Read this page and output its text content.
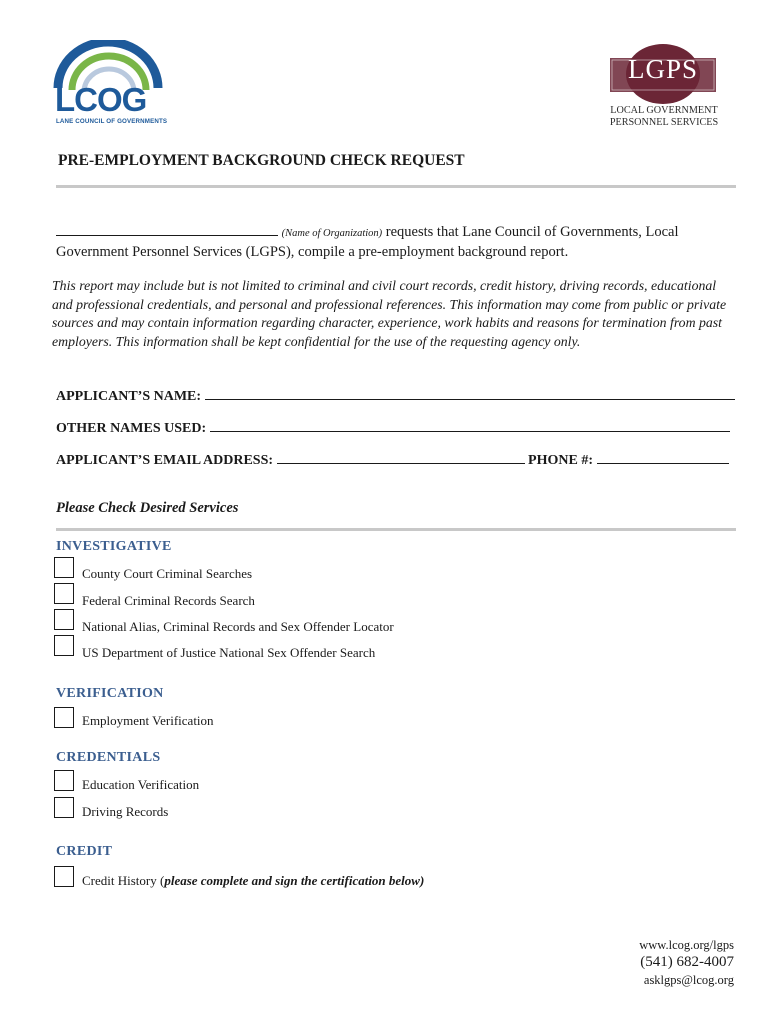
LCOG
LANE COUNCIL OF GOVERNMENTS
LGPS
LOCAL GOVERNMENT
PERSONNEL SERVICES
PRE-EMPLOYMENT BACKGROUND CHECK REQUEST
(Name of Organization) requests that Lane Council of Governments, Local Government Personnel Services (LGPS), compile a pre-employment background report.
This report may include but is not limited to criminal and civil court records, credit history, driving records, educational and professional credentials, and personal and professional references. This information may come from public or private sources and may contain information regarding character, experience, work habits and reasons for termination from past employers. This information shall be kept confidential for the use of the requesting agency only.
APPLICANT’S NAME:
OTHER NAMES USED:
APPLICANT’S EMAIL ADDRESS:	PHONE #:
Please Check Desired Services
INVESTIGATIVE
County Court Criminal Searches
Federal Criminal Records Search
National Alias, Criminal Records and Sex Offender Locator
US Department of Justice National Sex Offender Search
VERIFICATION
Employment Verification
CREDENTIALS
Education Verification
Driving Records
CREDIT
Credit History (please complete and sign the certification below)
www.lcog.org/lgps
(541) 682-4007
asklgps@lcog.org
